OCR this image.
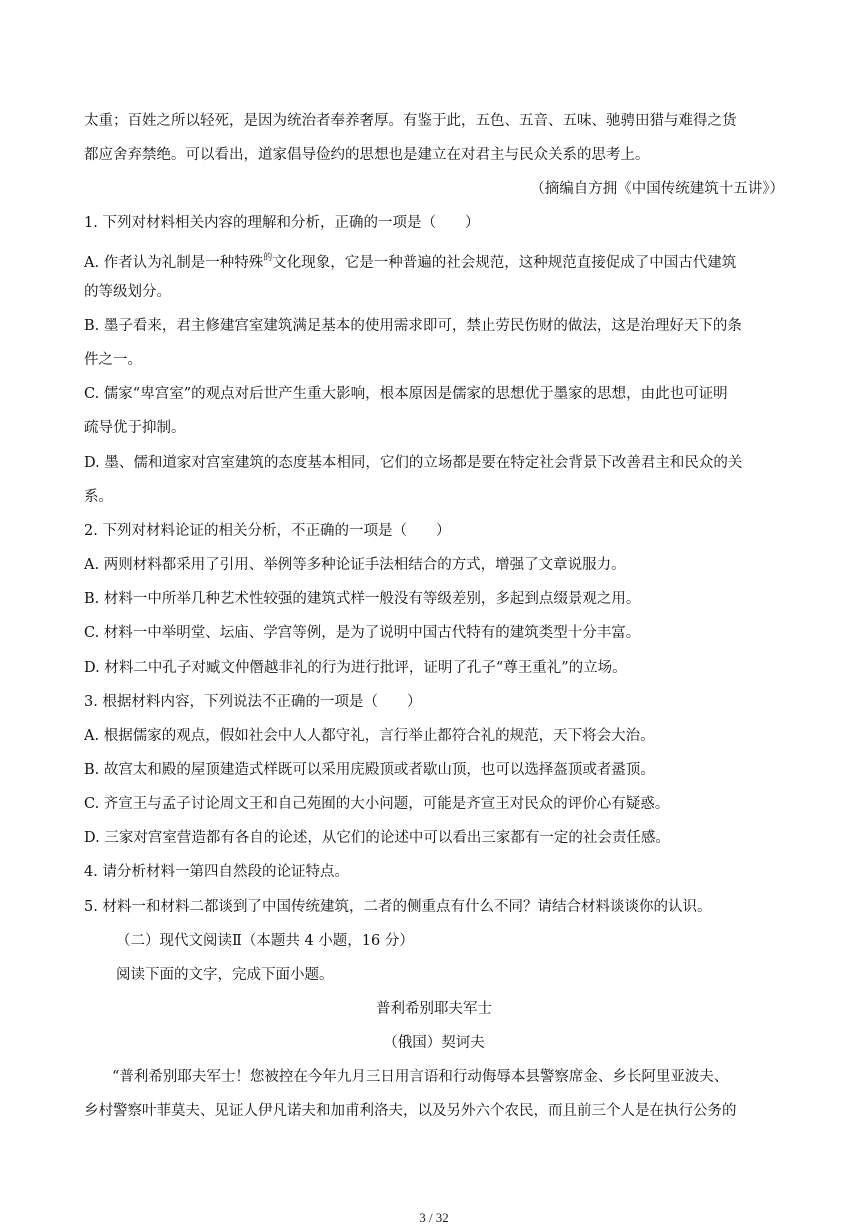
太重；百姓之所以轻死，是因为统治者奉养奢厚。有鉴于此，五色、五音、五味、驰骋田猎与难得之货
都应舍弃禁绝。可以看出，道家倡导俭约的思想也是建立在对君主与民众关系的思考上。
（摘编自方拥《中国传统建筑十五讲》）
1. 下列对材料相关内容的理解和分析，正确的一项是（　　）
A. 作者认为礼制是一种特殊$^的$文化现象，它是一种普遍的社会规范，这种规范直接促成了中国古代建筑
的等级划分。
B. 墨子看来，君主修建宫室建筑满足基本的使用需求即可，禁止劳民伤财的做法，这是治理好天下的条
件之一。
C. 儒家“卑宫室”的观点对后世产生重大影响，根本原因是儒家的思想优于墨家的思想，由此也可证明
疏导优于抑制。
D. 墨、儒和道家对宫室建筑的态度基本相同，它们的立场都是要在特定社会背景下改善君主和民众的关
系。
2. 下列对材料论证的相关分析，不正确的一项是（　　）
A. 两则材料都采用了引用、举例等多种论证手法相结合的方式，增强了文章说服力。
B. 材料一中所举几种艺术性较强的建筑式样一般没有等级差别，多起到点缀景观之用。
C. 材料一中举明堂、坛庙、学宫等例，是为了说明中国古代特有的建筑类型十分丰富。
D. 材料二中孔子对臧文仲僭越非礼的行为进行批评，证明了孔子“尊王重礼”的立场。
3. 根据材料内容，下列说法不正确的一项是（　　）
A. 根据儒家的观点，假如社会中人人都守礼，言行举止都符合礼的规范，天下将会大治。
B. 故宫太和殿的屋顶建造式样既可以采用庑殿顶或者歇山顶，也可以选择盔顶或者盝顶。
C. 齐宣王与孟子讨论周文王和自己苑囿的大小问题，可能是齐宣王对民众的评价心有疑惑。
D. 三家对宫室营造都有各自的论述，从它们的论述中可以看出三家都有一定的社会责任感。
4. 请分析材料一第四自然段的论证特点。
5. 材料一和材料二都谈到了中国传统建筑，二者的侧重点有什么不同？请结合材料谈谈你的认识。
（二）现代文阅读Ⅱ（本题共 4 小题，16 分）
阅读下面的文字，完成下面小题。
普利希别耶夫军士
（俄国）契诃夫
“普利希别耶夫军士！您被控在今年九月三日用言语和行动侮辱本县警察席金、乡长阿里亚波夫、
乡村警察叶菲莫夫、见证人伊凡诺夫和加甫利洛夫，以及另外六个农民，而且前三个人是在执行公务的
3 / 32
